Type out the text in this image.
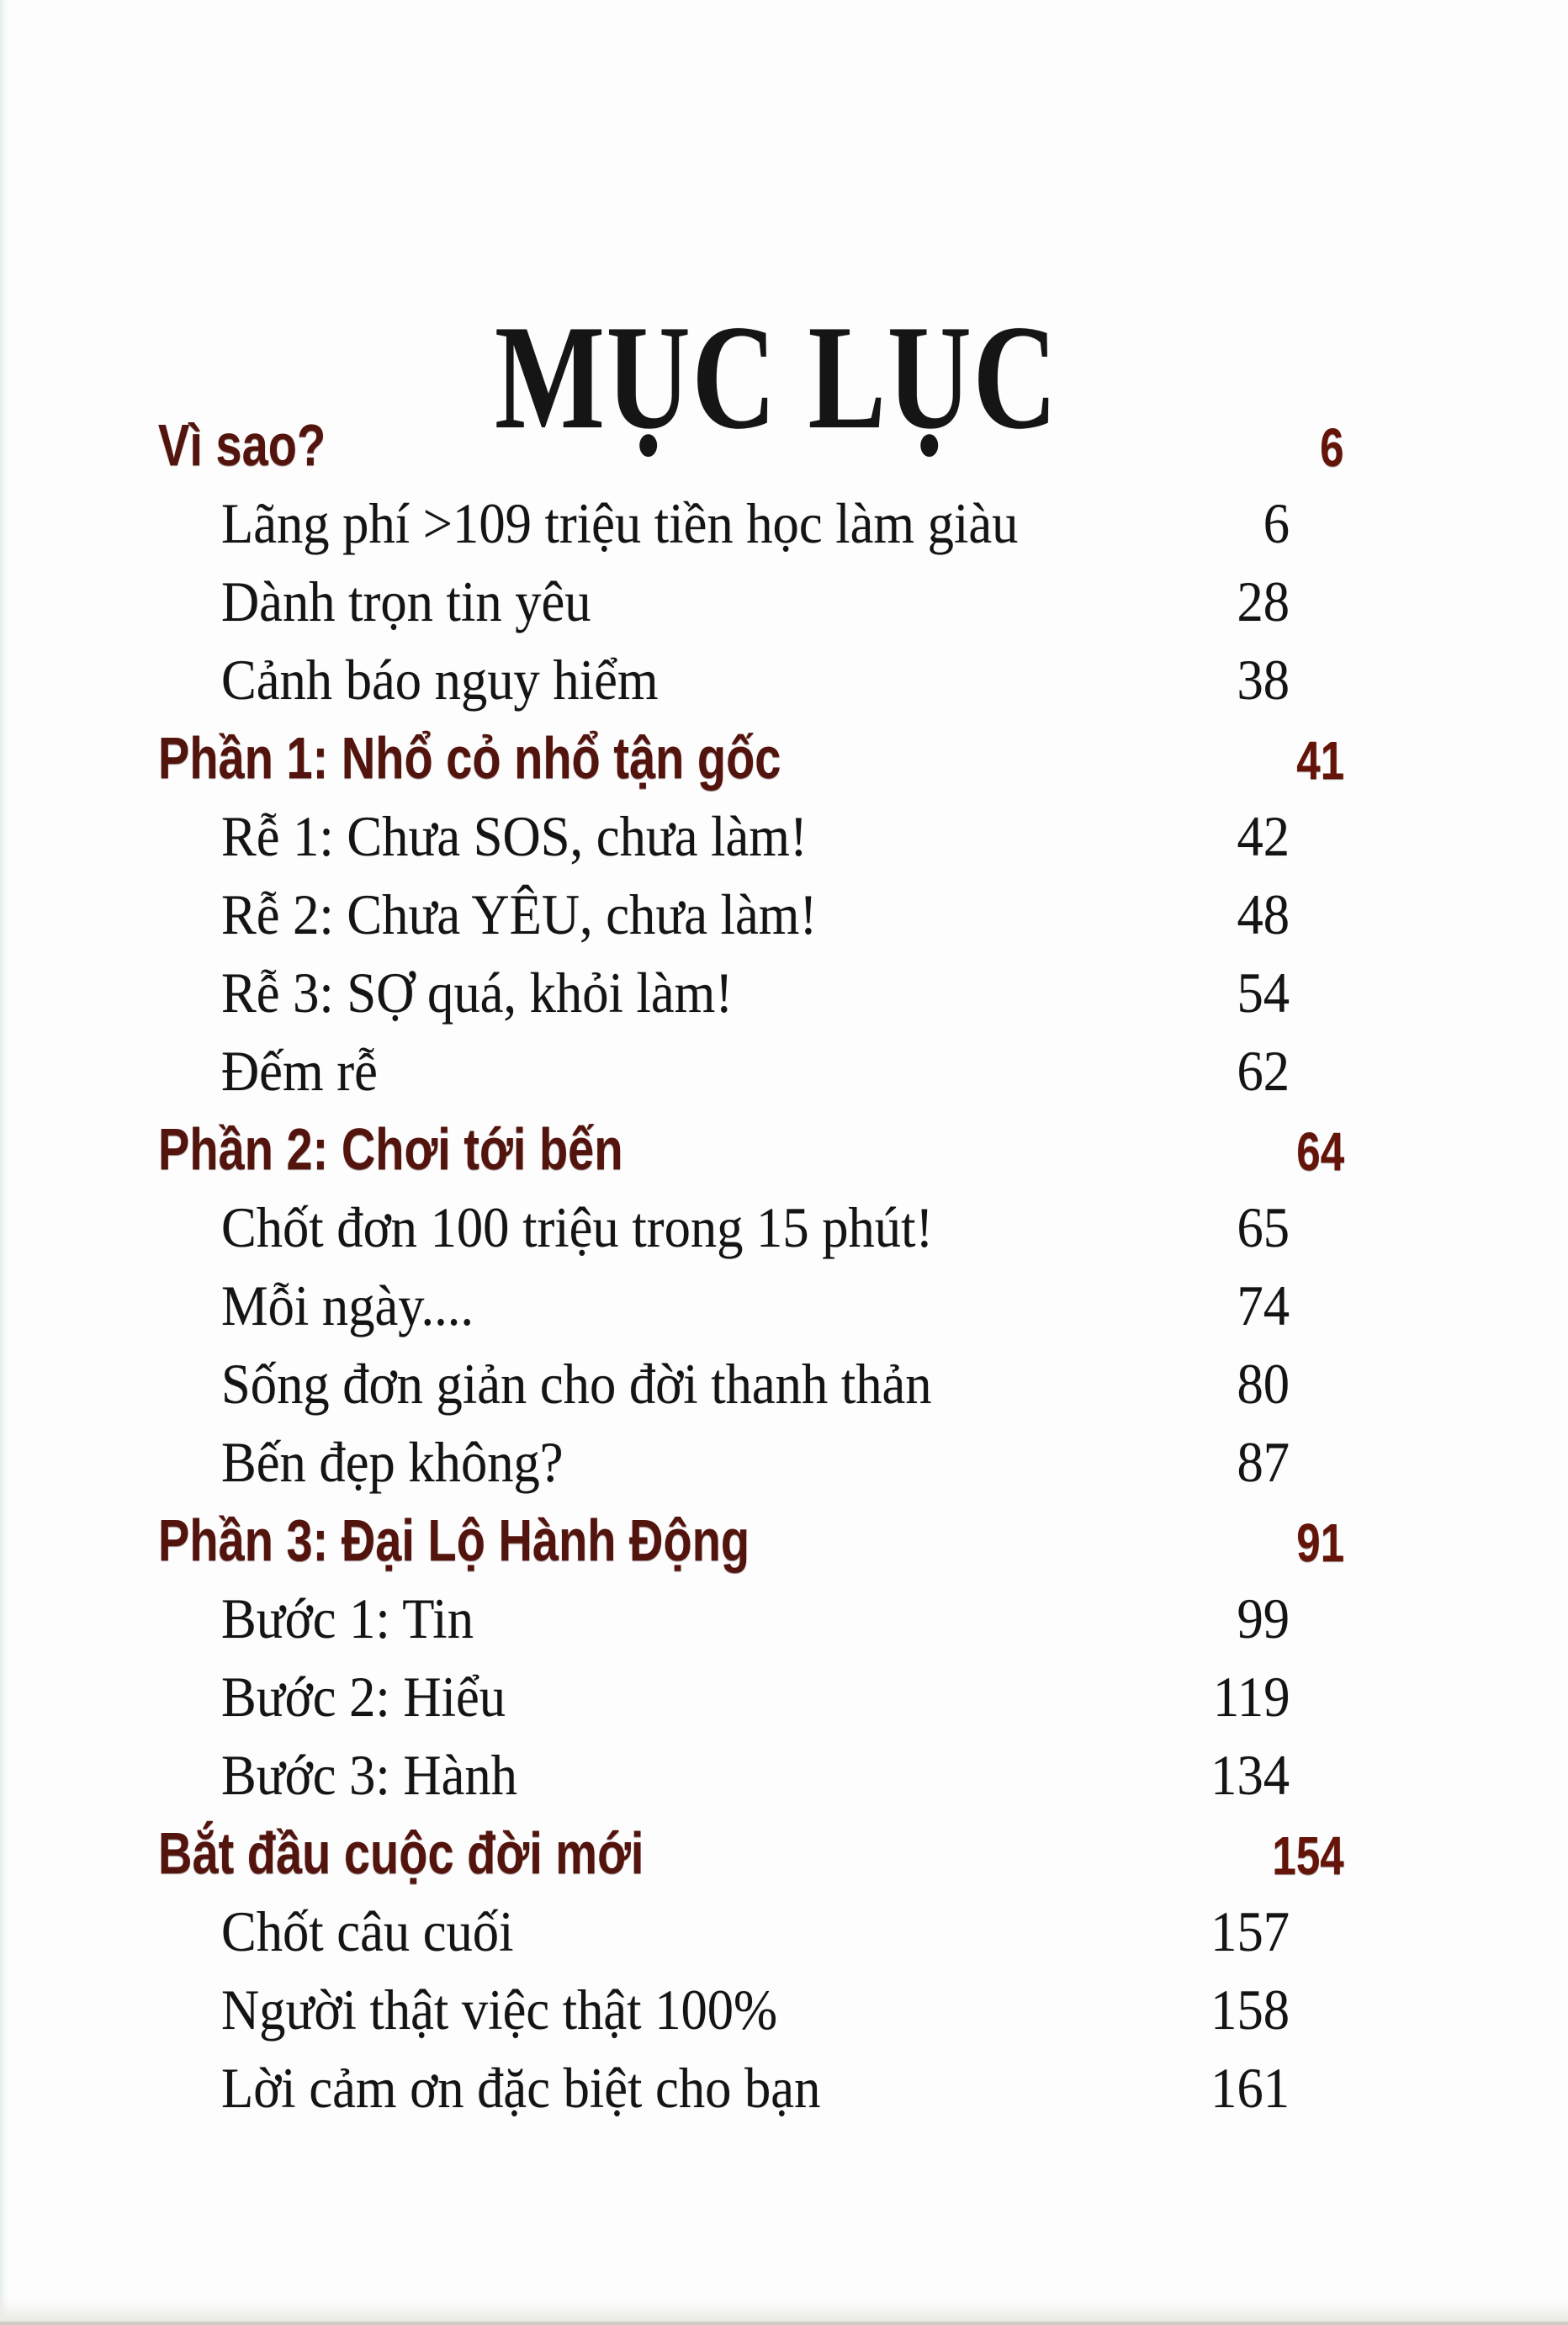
MỤC LỤC
Vì sao?	6
Lãng phí >109 triệu tiền học làm giàu	6
Dành trọn tin yêu	28
Cảnh báo nguy hiểm	38
Phần 1: Nhổ cỏ nhổ tận gốc	41
Rễ 1: Chưa SOS, chưa làm!	42
Rễ 2: Chưa YÊU, chưa làm!	48
Rễ 3: SỢ quá, khỏi làm!	54
Đếm rễ	62
Phần 2: Chơi tới bến	64
Chốt đơn 100 triệu trong 15 phút!	65
Mỗi ngày....	74
Sống đơn giản cho đời thanh thản	80
Bến đẹp không?	87
Phần 3: Đại Lộ Hành Động	91
Bước 1: Tin	99
Bước 2: Hiểu	119
Bước 3: Hành	134
Bắt đầu cuộc đời mới	154
Chốt câu cuối	157
Người thật việc thật 100%	158
Lời cảm ơn đặc biệt cho bạn	161
